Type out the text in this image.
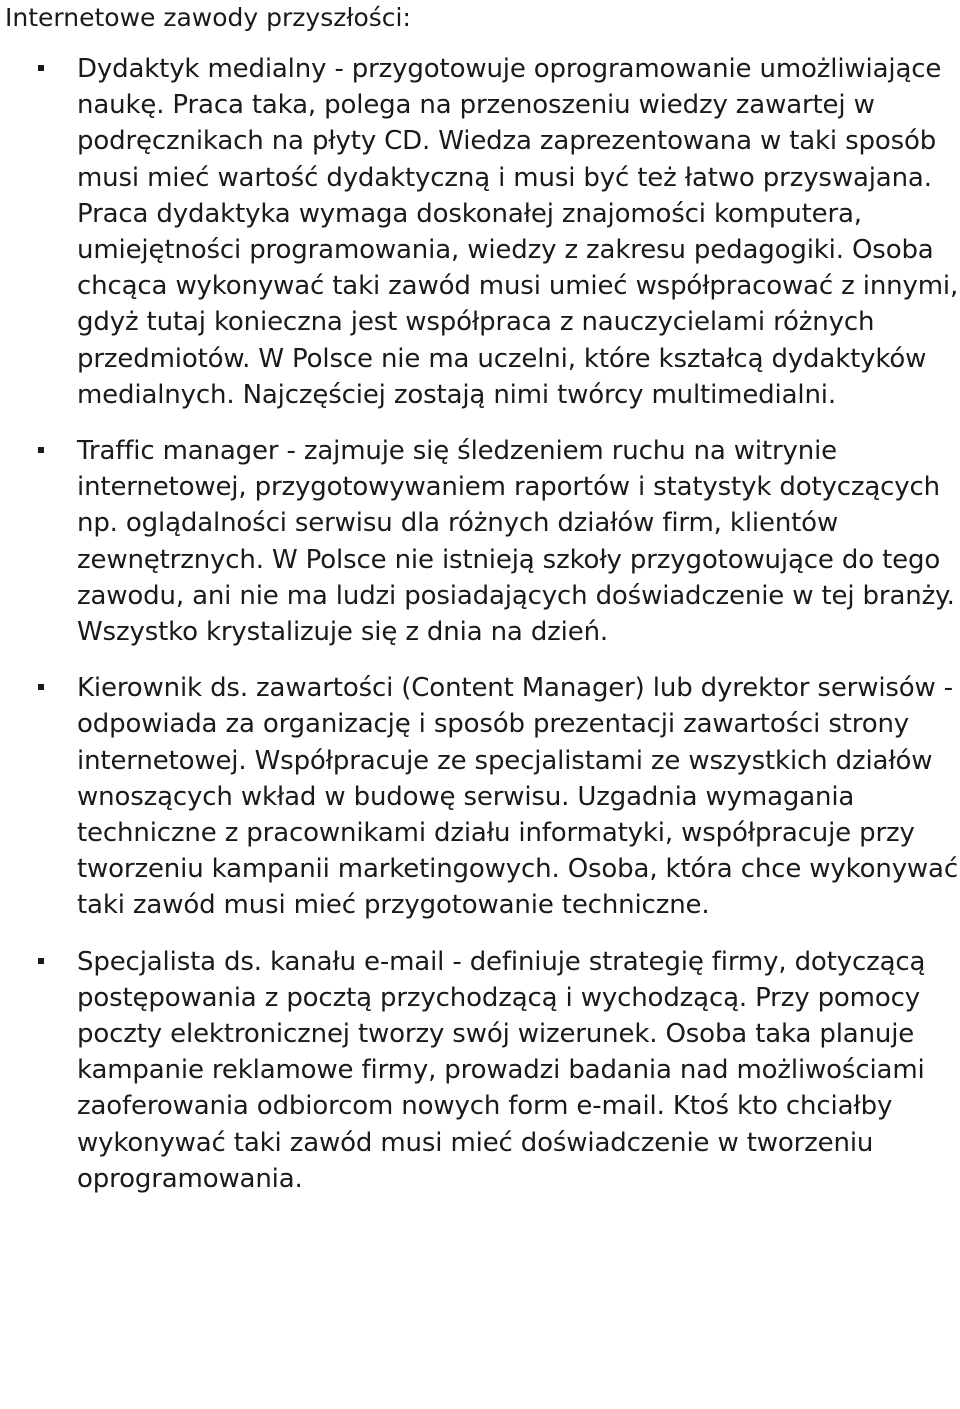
Internetowe zawody przyszłości:
Dydaktyk medialny - przygotowuje oprogramowanie umożliwiające naukę. Praca taka, polega na przenoszeniu wiedzy zawartej w podręcznikach na płyty CD. Wiedza zaprezentowana w taki sposób musi mieć wartość dydaktyczną i musi być też łatwo przyswajana. Praca dydaktyka wymaga doskonałej znajomości komputera, umiejętności programowania, wiedzy z zakresu pedagogiki. Osoba chcąca wykonywać taki zawód musi umieć współpracować z innymi, gdyż tutaj konieczna jest współpraca z nauczycielami różnych przedmiotów. W Polsce nie ma uczelni, które kształcą dydaktyków medialnych. Najczęściej zostają nimi twórcy multimedialni.
Traffic manager - zajmuje się śledzeniem ruchu na witrynie internetowej, przygotowywaniem raportów i statystyk dotyczących np. oglądalności serwisu dla różnych działów firm, klientów zewnętrznych. W Polsce nie istnieją szkoły przygotowujące do tego zawodu, ani nie ma ludzi posiadających doświadczenie w tej branży. Wszystko krystalizuje się z dnia na dzień.
Kierownik ds. zawartości (Content Manager) lub dyrektor serwisów - odpowiada za organizację i sposób prezentacji zawartości strony internetowej. Współpracuje ze specjalistami ze wszystkich działów wnoszących wkład w budowę serwisu. Uzgadnia wymagania techniczne z pracownikami działu informatyki, współpracuje przy tworzeniu kampanii marketingowych. Osoba, która chce wykonywać taki zawód musi mieć przygotowanie techniczne.
Specjalista ds. kanału e-mail - definiuje strategię firmy, dotyczącą postępowania z pocztą przychodzącą i wychodzącą. Przy pomocy poczty elektronicznej tworzy swój wizerunek. Osoba taka planuje kampanie reklamowe firmy, prowadzi badania nad możliwościami zaoferowania odbiorcom nowych form e-mail. Ktoś kto chciałby wykonywać taki zawód musi mieć doświadczenie w tworzeniu oprogramowania.
